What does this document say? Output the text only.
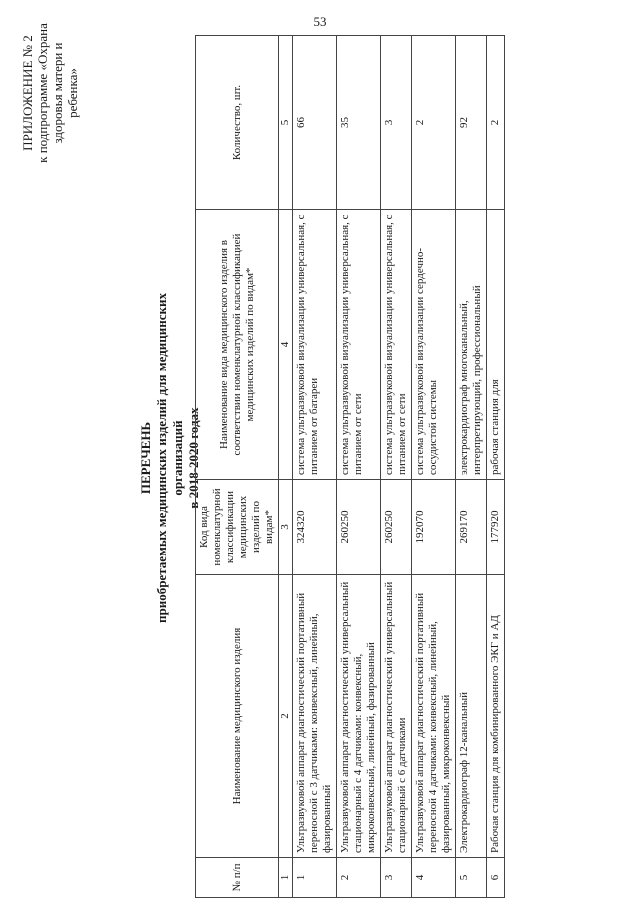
53
ПРИЛОЖЕНИЕ № 2 к подпрограмме «Охрана здоровья матери и ребенка»
ПЕРЕЧЕНЬ приобретаемых медицинских изделий для медицинских организаций в 2018-2020 годах
№ п/п	Наименование медицинского изделия	Код вида номенклатурной классификации медицинских изделий по видам*	Наименование вида медицинского изделия в соответствии номенклатурной классификацией медицинских изделий по видам*	Количество, шт.
1	2	3	4	5
1	Ультразвуковой аппарат диагностический портативный переносной с 3 датчиками: конвексный, линейный, фазированный	324320	система ультразвуковой визуализации универсальная, с питанием от батареи	66
2	Ультразвуковой аппарат диагностический универсальный стационарный с 4 датчиками: конвексный, микроконвексный, линейный, фазированный	260250	система ультразвуковой визуализации универсальная, с питанием от сети	35
3	Ультразвуковой аппарат диагностический универсальный стационарный с 6 датчиками	260250	система ультразвуковой визуализации универсальная, с питанием от сети	3
4	Ультразвуковой аппарат диагностический портативный переносной 4 датчиками: конвексный, линейный, фазированный, микроконвексный	192070	система ультразвуковой визуализации сердечно-сосудистой системы	2
5	Электрокардиограф 12-канальный	269170	электрокардиограф многоканальный, интерпретирующий, профессиональный	92
6	Рабочая станция для комбинированного ЭКГ и АД	177920	рабочая станция для	2
